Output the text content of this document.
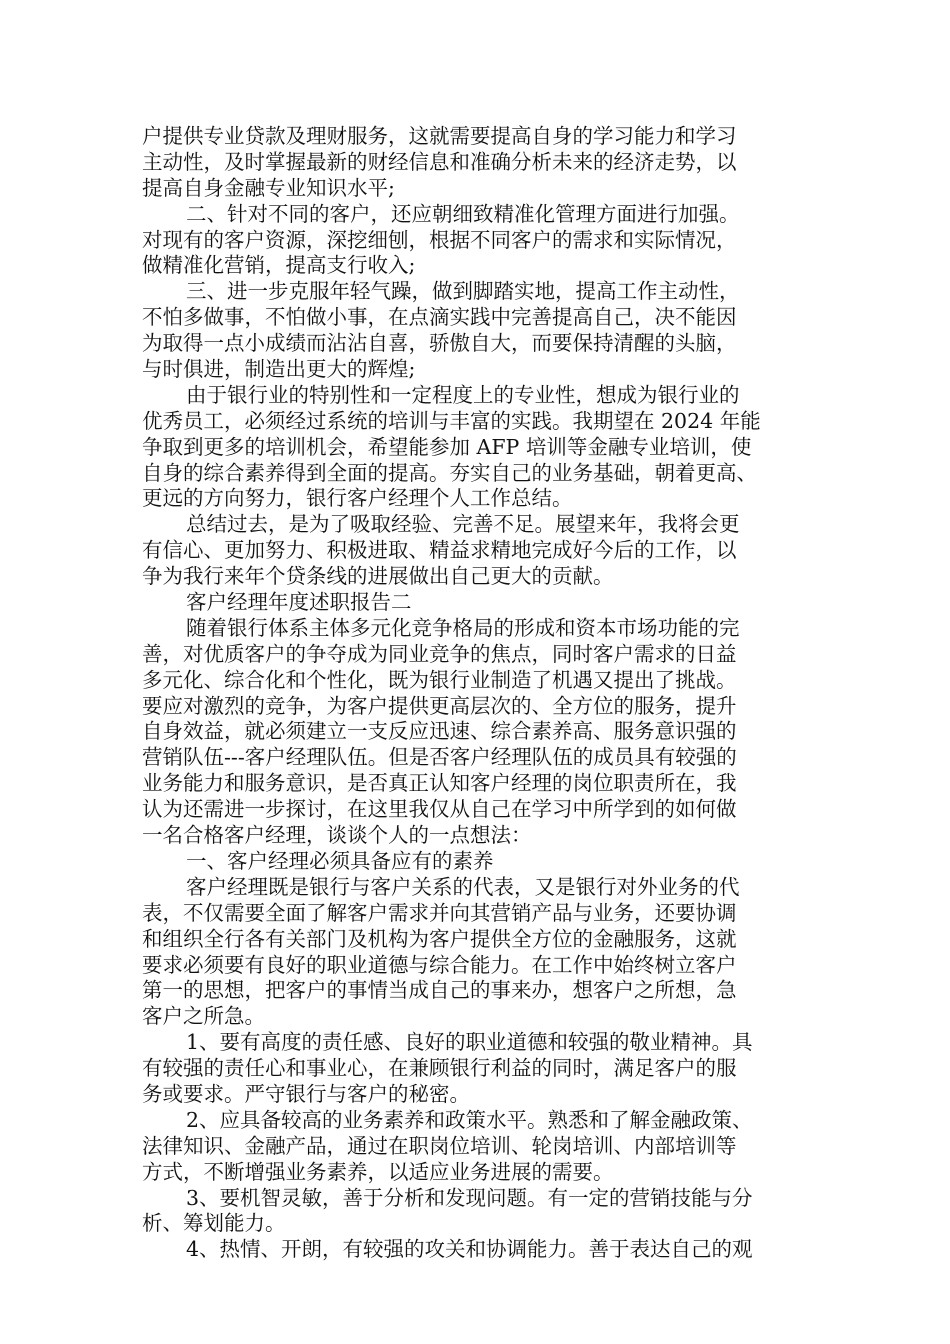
户提供专业贷款及理财服务，这就需要提高自身的学习能力和学习
主动性，及时掌握最新的财经信息和准确分析未来的经济走势，以
提高自身金融专业知识水平;
二、针对不同的客户，还应朝细致精准化管理方面进行加强。
对现有的客户资源，深挖细刨，根据不同客户的需求和实际情况，
做精准化营销，提高支行收入;
三、进一步克服年轻气躁，做到脚踏实地，提高工作主动性，
不怕多做事，不怕做小事，在点滴实践中完善提高自己，决不能因
为取得一点小成绩而沾沾自喜，骄傲自大，而要保持清醒的头脑，
与时俱进，制造出更大的辉煌;
由于银行业的特别性和一定程度上的专业性，想成为银行业的
优秀员工，必须经过系统的培训与丰富的实践。我期望在 2024 年能
争取到更多的培训机会，希望能参加 AFP 培训等金融专业培训，使
自身的综合素养得到全面的提高。夯实自己的业务基础，朝着更高、
更远的方向努力，银行客户经理个人工作总结。
总结过去，是为了吸取经验、完善不足。展望来年，我将会更
有信心、更加努力、积极进取、精益求精地完成好今后的工作，以
争为我行来年个贷条线的进展做出自己更大的贡献。
客户经理年度述职报告二
随着银行体系主体多元化竞争格局的形成和资本市场功能的完
善，对优质客户的争夺成为同业竞争的焦点，同时客户需求的日益
多元化、综合化和个性化，既为银行业制造了机遇又提出了挑战。
要应对激烈的竞争，为客户提供更高层次的、全方位的服务，提升
自身效益，就必须建立一支反应迅速、综合素养高、服务意识强的
营销队伍---客户经理队伍。但是否客户经理队伍的成员具有较强的
业务能力和服务意识，是否真正认知客户经理的岗位职责所在，我
认为还需进一步探讨，在这里我仅从自己在学习中所学到的如何做
一名合格客户经理，谈谈个人的一点想法：
一、客户经理必须具备应有的素养
客户经理既是银行与客户关系的代表，又是银行对外业务的代
表，不仅需要全面了解客户需求并向其营销产品与业务，还要协调
和组织全行各有关部门及机构为客户提供全方位的金融服务，这就
要求必须要有良好的职业道德与综合能力。在工作中始终树立客户
第一的思想，把客户的事情当成自己的事来办，想客户之所想，急
客户之所急。
1、要有高度的责任感、良好的职业道德和较强的敬业精神。具
有较强的责任心和事业心，在兼顾银行利益的同时，满足客户的服
务或要求。严守银行与客户的秘密。
2、应具备较高的业务素养和政策水平。熟悉和了解金融政策、
法律知识、金融产品，通过在职岗位培训、轮岗培训、内部培训等
方式，不断增强业务素养，以适应业务进展的需要。
3、要机智灵敏，善于分析和发现问题。有一定的营销技能与分
析、筹划能力。
4、热情、开朗，有较强的攻关和协调能力。善于表达自己的观
